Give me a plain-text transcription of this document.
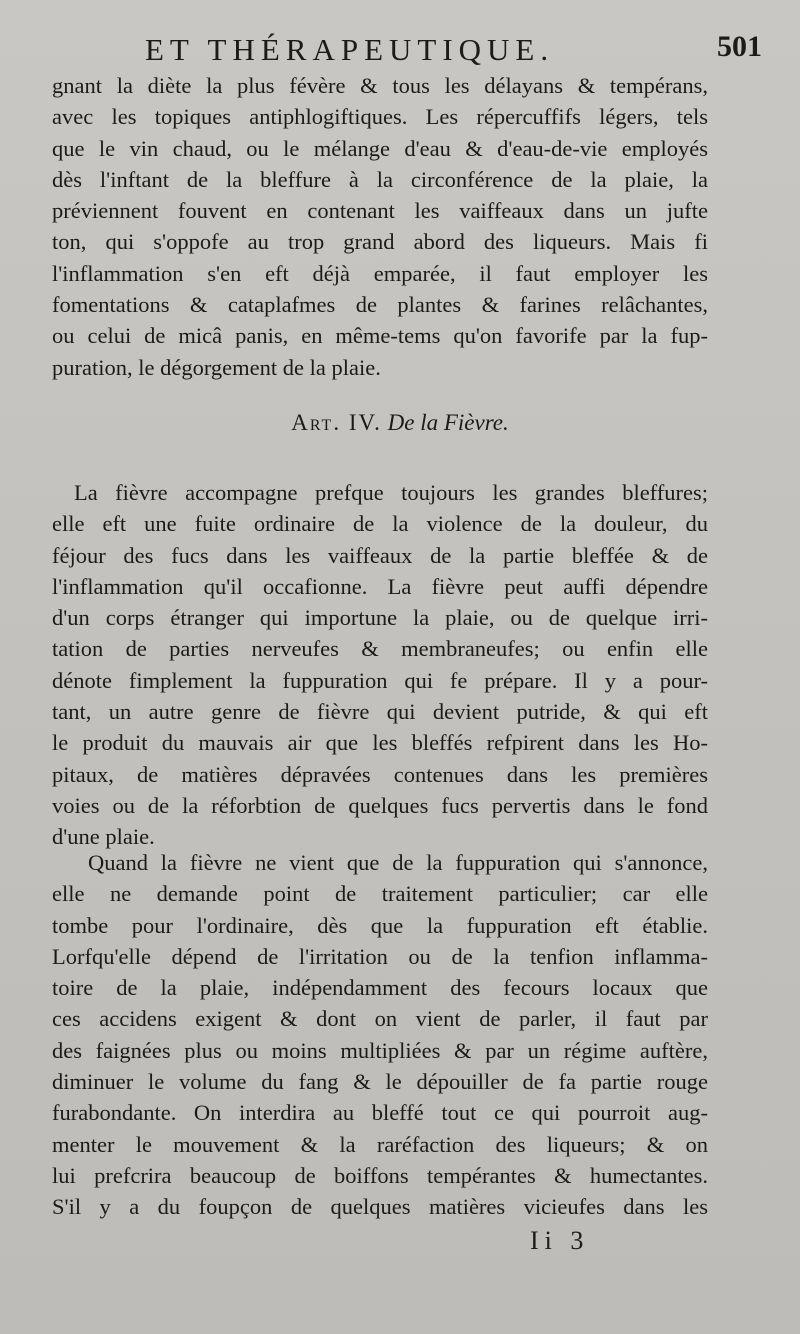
ET THÉRAPEUTIQUE.	501
gnant la diète la plus févère & tous les délayans & tempérans,
avec les topiques antiphlogiftiques. Les répercuffifs légers, tels
que le vin chaud, ou le mélange d'eau & d'eau-de-vie employés
dès l'inftant de la bleffure à la circonférence de la plaie, la
préviennent fouvent en contenant les vaiffeaux dans un jufte
ton, qui s'oppofe au trop grand abord des liqueurs. Mais fi
l'inflammation s'en eft déjà emparée, il faut employer les
fomentations & cataplafmes de plantes & farines relâchantes,
ou celui de micâ panis, en même-tems qu'on favorife par la fup-
puration, le dégorgement de la plaie.
Art. IV. De la Fièvre.
La fièvre accompagne prefque toujours les grandes bleffures;
elle eft une fuite ordinaire de la violence de la douleur, du
féjour des fucs dans les vaiffeaux de la partie bleffée & de
l'inflammation qu'il occafionne. La fièvre peut auffi dépendre
d'un corps étranger qui importune la plaie, ou de quelque irri-
tation de parties nerveufes & membraneufes; ou enfin elle
dénote fimplement la fuppuration qui fe prépare. Il y a pour-
tant, un autre genre de fièvre qui devient putride, & qui eft
le produit du mauvais air que les bleffés refpirent dans les Ho-
pitaux, de matières dépravées contenues dans les premières
voies ou de la réforbtion de quelques fucs pervertis dans le fond
d'une plaie.
Quand la fièvre ne vient que de la fuppuration qui s'annonce,
elle ne demande point de traitement particulier; car elle
tombe pour l'ordinaire, dès que la fuppuration eft établie.
Lorfqu'elle dépend de l'irritation ou de la tenfion inflamma-
toire de la plaie, indépendamment des fecours locaux que
ces accidens exigent & dont on vient de parler, il faut par
des faignées plus ou moins multipliées & par un régime auftère,
diminuer le volume du fang & le dépouiller de fa partie rouge
furabondante. On interdira au bleffé tout ce qui pourroit aug-
menter le mouvement & la raréfaction des liqueurs; & on
lui prefcrira beaucoup de boiffons tempérantes & humectantes.
S'il y a du foupçon de quelques matières vicieufes dans les
Ii 3
